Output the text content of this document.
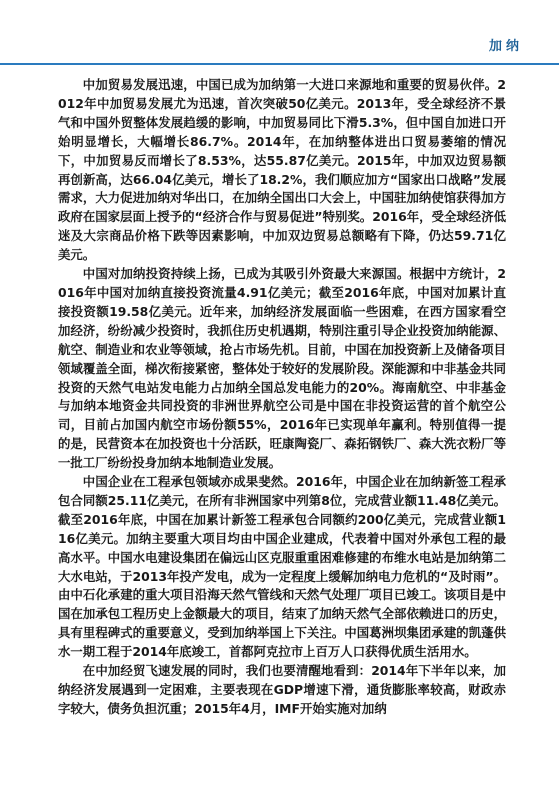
加纳

中加贸易发展迅速，中国已成为加纳第一大进口来源地和重要的贸易伙伴。2012年中加贸易发展尤为迅速，首次突破50亿美元。2013年，受全球经济不景气和中国外贸整体发展趋缓的影响，中加贸易同比下滑5.3%，但中国自加进口开始明显增长，大幅增长86.7%。2014年，在加纳整体进出口贸易萎缩的情况下，中加贸易反而增长了8.53%，达55.87亿美元。2015年，中加双边贸易额再创新高，达66.04亿美元，增长了18.2%，我们顺应加方“国家出口战略”发展需求，大力促进加纳对华出口，在加纳全国出口大会上，中国驻加纳使馆获得加方政府在国家层面上授予的“经济合作与贸易促进”特别奖。2016年，受全球经济低迷及大宗商品价格下跌等因素影响，中加双边贸易总额略有下降，仍达59.71亿美元。

中国对加纳投资持续上扬，已成为其吸引外资最大来源国。根据中方统计，2016年中国对加纳直接投资流量4.91亿美元；截至2016年底，中国对加累计直接投资额19.58亿美元。近年来，加纳经济发展面临一些困难，在西方国家看空加经济，纷纷减少投资时，我抓住历史机遇期，特别注重引导企业投资加纳能源、航空、制造业和农业等领域，抢占市场先机。目前，中国在加投资新上及储备项目领域覆盖全面，梯次衔接紧密，整体处于较好的发展阶段。深能源和中非基金共同投资的天然气电站发电能力占加纳全国总发电能力的20%。海南航空、中非基金与加纳本地资金共同投资的非洲世界航空公司是中国在非投资运营的首个航空公司，目前占加国内航空市场份额55%，2016年已实现单年赢利。特别值得一提的是，民营资本在加投资也十分活跃，旺康陶瓷厂、森拓钢铁厂、森大洗衣粉厂等一批工厂纷纷投身加纳本地制造业发展。

中国企业在工程承包领域亦成果斐然。2016年，中国企业在加纳新签工程承包合同额25.11亿美元，在所有非洲国家中列第8位，完成营业额11.48亿美元。截至2016年底，中国在加累计新签工程承包合同额约200亿美元，完成营业额116亿美元。加纳主要重大项目均由中国企业建成，代表着中国对外承包工程的最高水平。中国水电建设集团在偏远山区克服重重困难修建的布维水电站是加纳第二大水电站，于2013年投产发电，成为一定程度上缓解加纳电力危机的“及时雨”。由中石化承建的重大项目沿海天然气管线和天然气处理厂项目已竣工。该项目是中国在加承包工程历史上金额最大的项目，结束了加纳天然气全部依赖进口的历史，具有里程碑式的重要意义，受到加纳举国上下关注。中国葛洲坝集团承建的凯蓬供水一期工程于2014年底竣工，首都阿克拉市上百万人口获得优质生活用水。

在中加经贸飞速发展的同时，我们也要清醒地看到：2014年下半年以来，加纳经济发展遇到一定困难，主要表现在GDP增速下滑，通货膨胀率较高，财政赤字较大，债务负担沉重；2015年4月，IMF开始实施对加纳
